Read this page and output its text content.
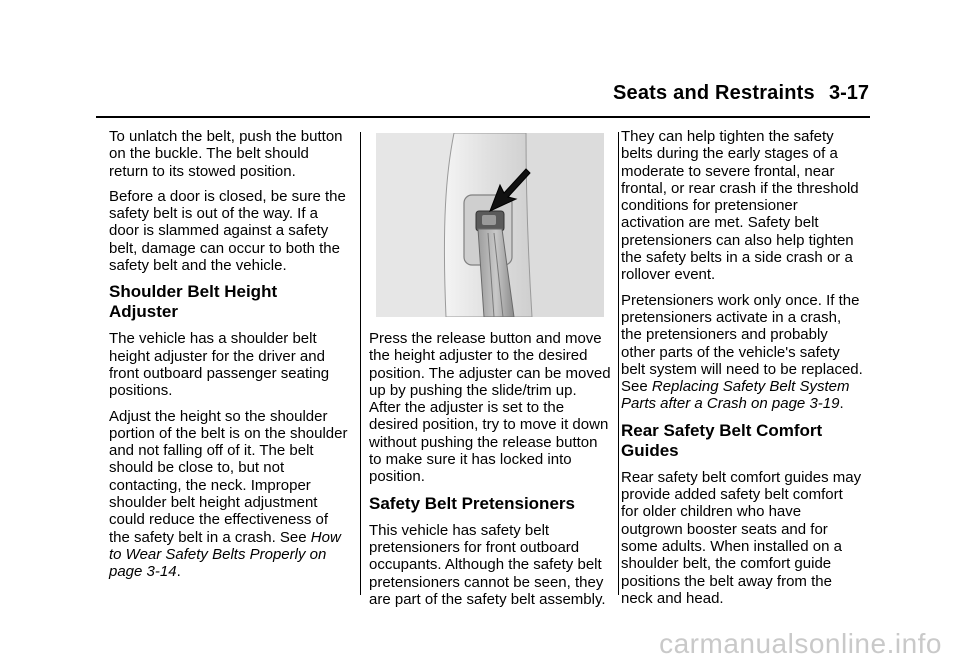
Seats and Restraints 3-17

To unlatch the belt, push the button
on the buckle. The belt should
return to its stowed position.

Before a door is closed, be sure the
safety belt is out of the way. If a
door is slammed against a safety
belt, damage can occur to both the
safety belt and the vehicle.

Shoulder Belt Height Adjuster

The vehicle has a shoulder belt
height adjuster for the driver and
front outboard passenger seating
positions.

Adjust the height so the shoulder
portion of the belt is on the shoulder
and not falling off of it. The belt
should be close to, but not
contacting, the neck. Improper
shoulder belt height adjustment
could reduce the effectiveness of
the safety belt in a crash. See How
to Wear Safety Belts Properly on
page 3-14.

Press the release button and move
the height adjuster to the desired
position. The adjuster can be moved
up by pushing the slide/trim up.
After the adjuster is set to the
desired position, try to move it down
without pushing the release button
to make sure it has locked into
position.

Safety Belt Pretensioners

This vehicle has safety belt
pretensioners for front outboard
occupants. Although the safety belt
pretensioners cannot be seen, they
are part of the safety belt assembly.

They can help tighten the safety
belts during the early stages of a
moderate to severe frontal, near
frontal, or rear crash if the threshold
conditions for pretensioner
activation are met. Safety belt
pretensioners can also help tighten
the safety belts in a side crash or a
rollover event.

Pretensioners work only once. If the
pretensioners activate in a crash,
the pretensioners and probably
other parts of the vehicle's safety
belt system will need to be replaced.
See Replacing Safety Belt System
Parts after a Crash on page 3-19.

Rear Safety Belt Comfort
Guides

Rear safety belt comfort guides may
provide added safety belt comfort
for older children who have
outgrown booster seats and for
some adults. When installed on a
shoulder belt, the comfort guide
positions the belt away from the
neck and head.

carmanualsonline.info
